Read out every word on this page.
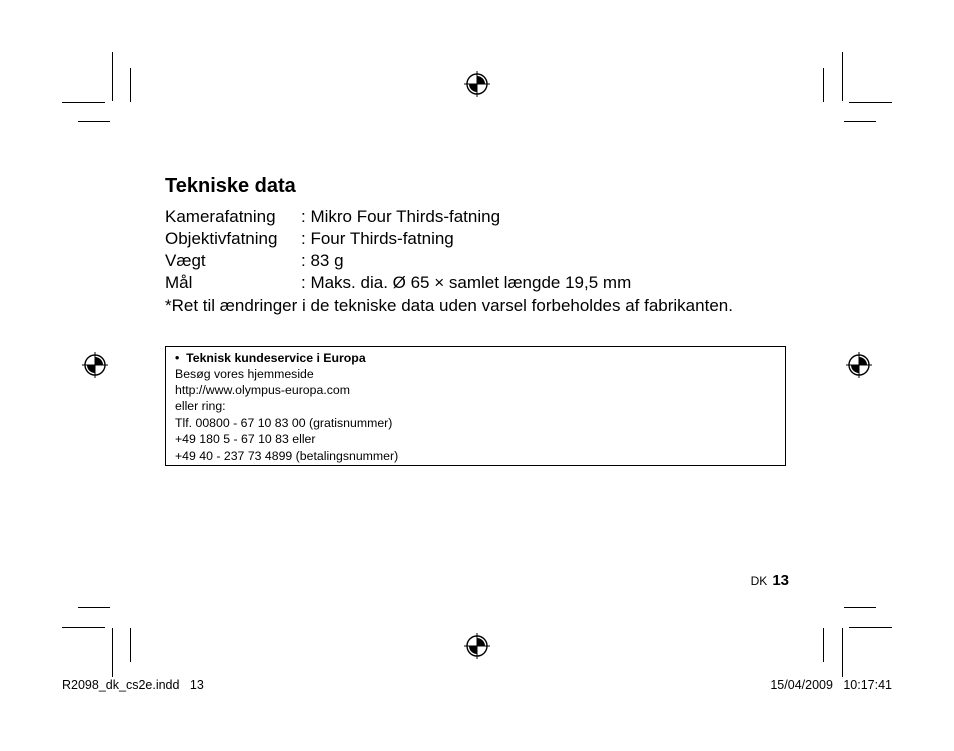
Tekniske data
Kamerafatning : Mikro Four Thirds-fatning
Objektivfatning : Four Thirds-fatning
Vægt	: 83 g
Mål	: Maks. dia. Ø 65 × samlet længde 19,5 mm
*Ret til ændringer i de tekniske data uden varsel forbeholdes af fabrikanten.
•  Teknisk kundeservice i Europa
Besøg vores hjemmeside
http://www.olympus-europa.com
eller ring:
Tlf. 00800 - 67 10 83 00 (gratisnummer)
+49 180 5 - 67 10 83 eller
+49 40 - 237 73 4899 (betalingsnummer)
DK 13
R2098_dk_cs2e.indd   13	15/04/2009   10:17:41
